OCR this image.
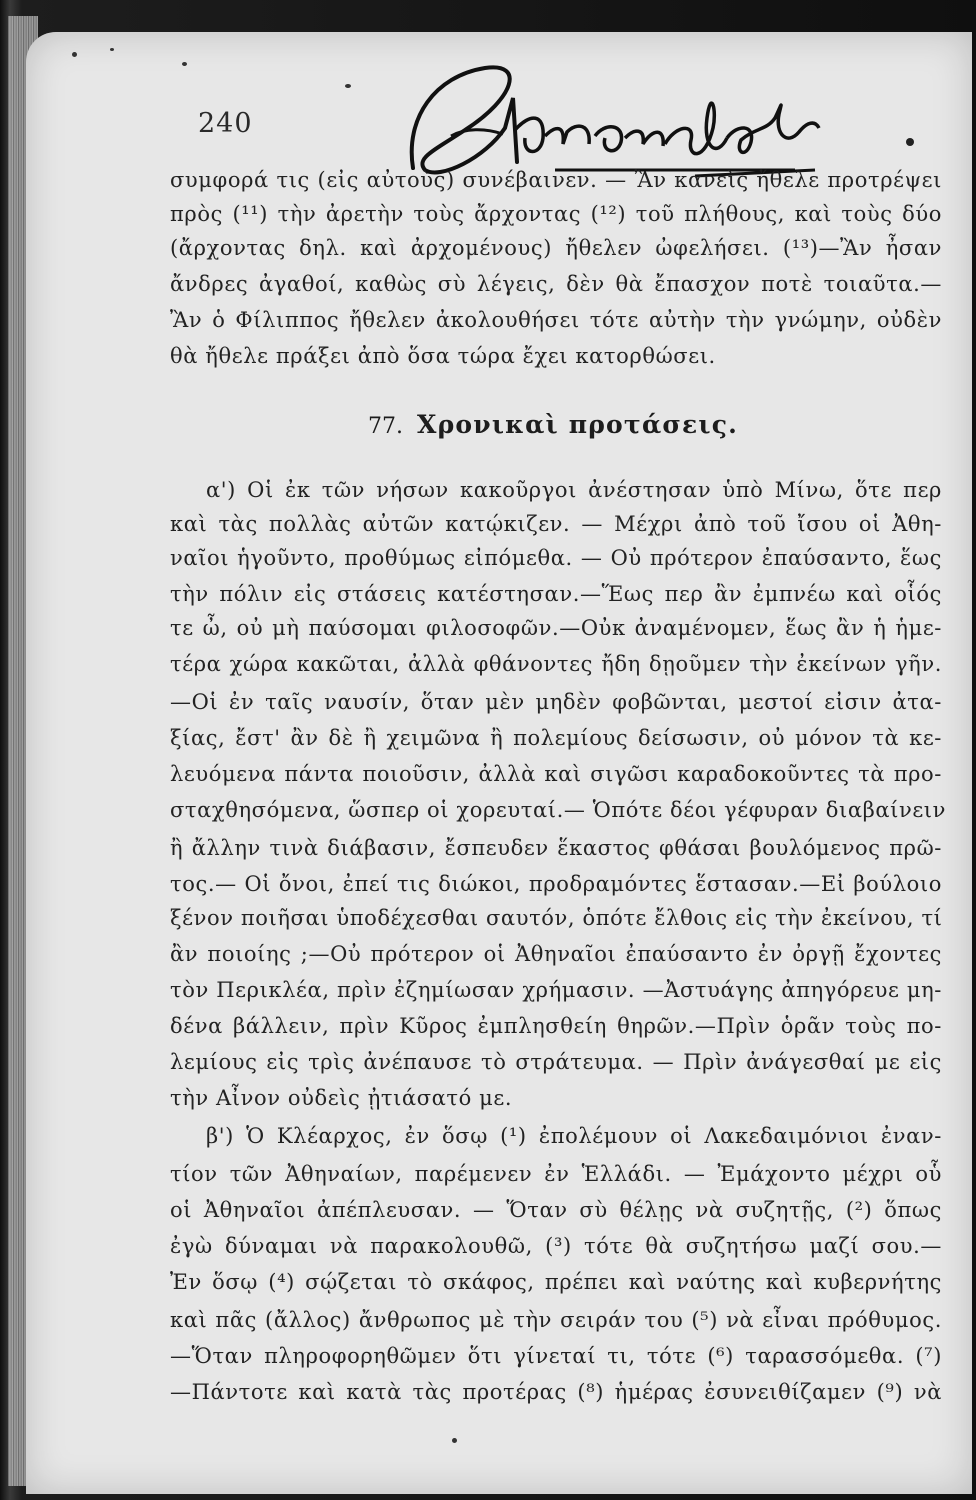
240
συμφορά τις (εἰς αὐτοὺς) συνέβαινεν. — Ἂν κανεὶς ἤθελε προτρέψει
πρὸς (¹¹) τὴν ἀρετὴν τοὺς ἄρχοντας (¹²) τοῦ πλήθους, καὶ τοὺς δύο
(ἄρχοντας δηλ. καὶ ἀρχομένους) ἤθελεν ὠφελήσει. (¹³)—Ἂν ἦσαν
ἄνδρες ἀγαθοί, καθὼς σὺ λέγεις, δὲν θὰ ἔπασχον ποτὲ τοιαῦτα.—
Ἂν ὁ Φίλιππος ἤθελεν ἀκολουθήσει τότε αὐτὴν τὴν γνώμην, οὐδὲν
θὰ ἤθελε πράξει ἀπὸ ὅσα τώρα ἔχει κατορθώσει.
77. Χρονικαὶ προτάσεις.
α') Οἱ ἐκ τῶν νήσων κακοῦργοι ἀνέστησαν ὑπὸ Μίνω, ὅτε περ
καὶ τὰς πολλὰς αὐτῶν κατῴκιζεν. — Μέχρι ἀπὸ τοῦ ἴσου οἱ Ἀθη-
ναῖοι ἡγοῦντο, προθύμως εἰπόμεθα. — Οὐ πρότερον ἐπαύσαντο, ἕως
τὴν πόλιν εἰς στάσεις κατέστησαν.—Ἕως περ ἂν ἐμπνέω καὶ οἷός
τε ὦ, οὐ μὴ παύσομαι φιλοσοφῶν.—Οὐκ ἀναμένομεν, ἕως ἂν ἡ ἡμε-
τέρα χώρα κακῶται, ἀλλὰ φθάνοντες ἤδη δῃοῦμεν τὴν ἐκείνων γῆν.
—Οἱ ἐν ταῖς ναυσίν, ὅταν μὲν μηδὲν φοβῶνται, μεστοί εἰσιν ἀτα-
ξίας, ἔστ' ἂν δὲ ἢ χειμῶνα ἢ πολεμίους δείσωσιν, οὐ μόνον τὰ κε-
λευόμενα πάντα ποιοῦσιν, ἀλλὰ καὶ σιγῶσι καραδοκοῦντες τὰ προ-
σταχθησόμενα, ὥσπερ οἱ χορευταί.— Ὁπότε δέοι γέφυραν διαβαίνειν
ἢ ἄλλην τινὰ διάβασιν, ἔσπευδεν ἕκαστος φθάσαι βουλόμενος πρῶ-
τος.— Οἱ ὄνοι, ἐπεί τις διώκοι, προδραμόντες ἕστασαν.—Εἰ βούλοιο
ξένον ποιῆσαι ὑποδέχεσθαι σαυτόν, ὁπότε ἔλθοις εἰς τὴν ἐκείνου, τί
ἂν ποιοίης ;—Οὐ πρότερον οἱ Ἀθηναῖοι ἐπαύσαντο ἐν ὀργῇ ἔχοντες
τὸν Περικλέα, πρὶν ἐζημίωσαν χρήμασιν. —Ἀστυάγης ἀπηγόρευε μη-
δένα βάλλειν, πρὶν Κῦρος ἐμπλησθείη θηρῶν.—Πρὶν ὁρᾶν τοὺς πο-
λεμίους εἰς τρὶς ἀνέπαυσε τὸ στράτευμα. — Πρὶν ἀνάγεσθαί με εἰς
τὴν Αἶνον οὐδεὶς ᾐτιάσατό με.
β') Ὁ Κλέαρχος, ἐν ὅσῳ (¹) ἐπολέμουν οἱ Λακεδαιμόνιοι ἐναν-
τίον τῶν Ἀθηναίων, παρέμενεν ἐν Ἑλλάδι. — Ἐμάχοντο μέχρι οὗ
οἱ Ἀθηναῖοι ἀπέπλευσαν. — Ὅταν σὺ θέλῃς νὰ συζητῇς, (²) ὅπως
ἐγὼ δύναμαι νὰ παρακολουθῶ, (³) τότε θὰ συζητήσω μαζί σου.—
Ἐν ὅσῳ (⁴) σῴζεται τὸ σκάφος, πρέπει καὶ ναύτης καὶ κυβερνήτης
καὶ πᾶς (ἄλλος) ἄνθρωπος μὲ τὴν σειράν του (⁵) νὰ εἶναι πρόθυμος.
—Ὅταν πληροφορηθῶμεν ὅτι γίνεταί τι, τότε (⁶) ταρασσόμεθα. (⁷)
—Πάντοτε καὶ κατὰ τὰς προτέρας (⁸) ἡμέρας ἐσυνειθίζαμεν (⁹) νὰ
